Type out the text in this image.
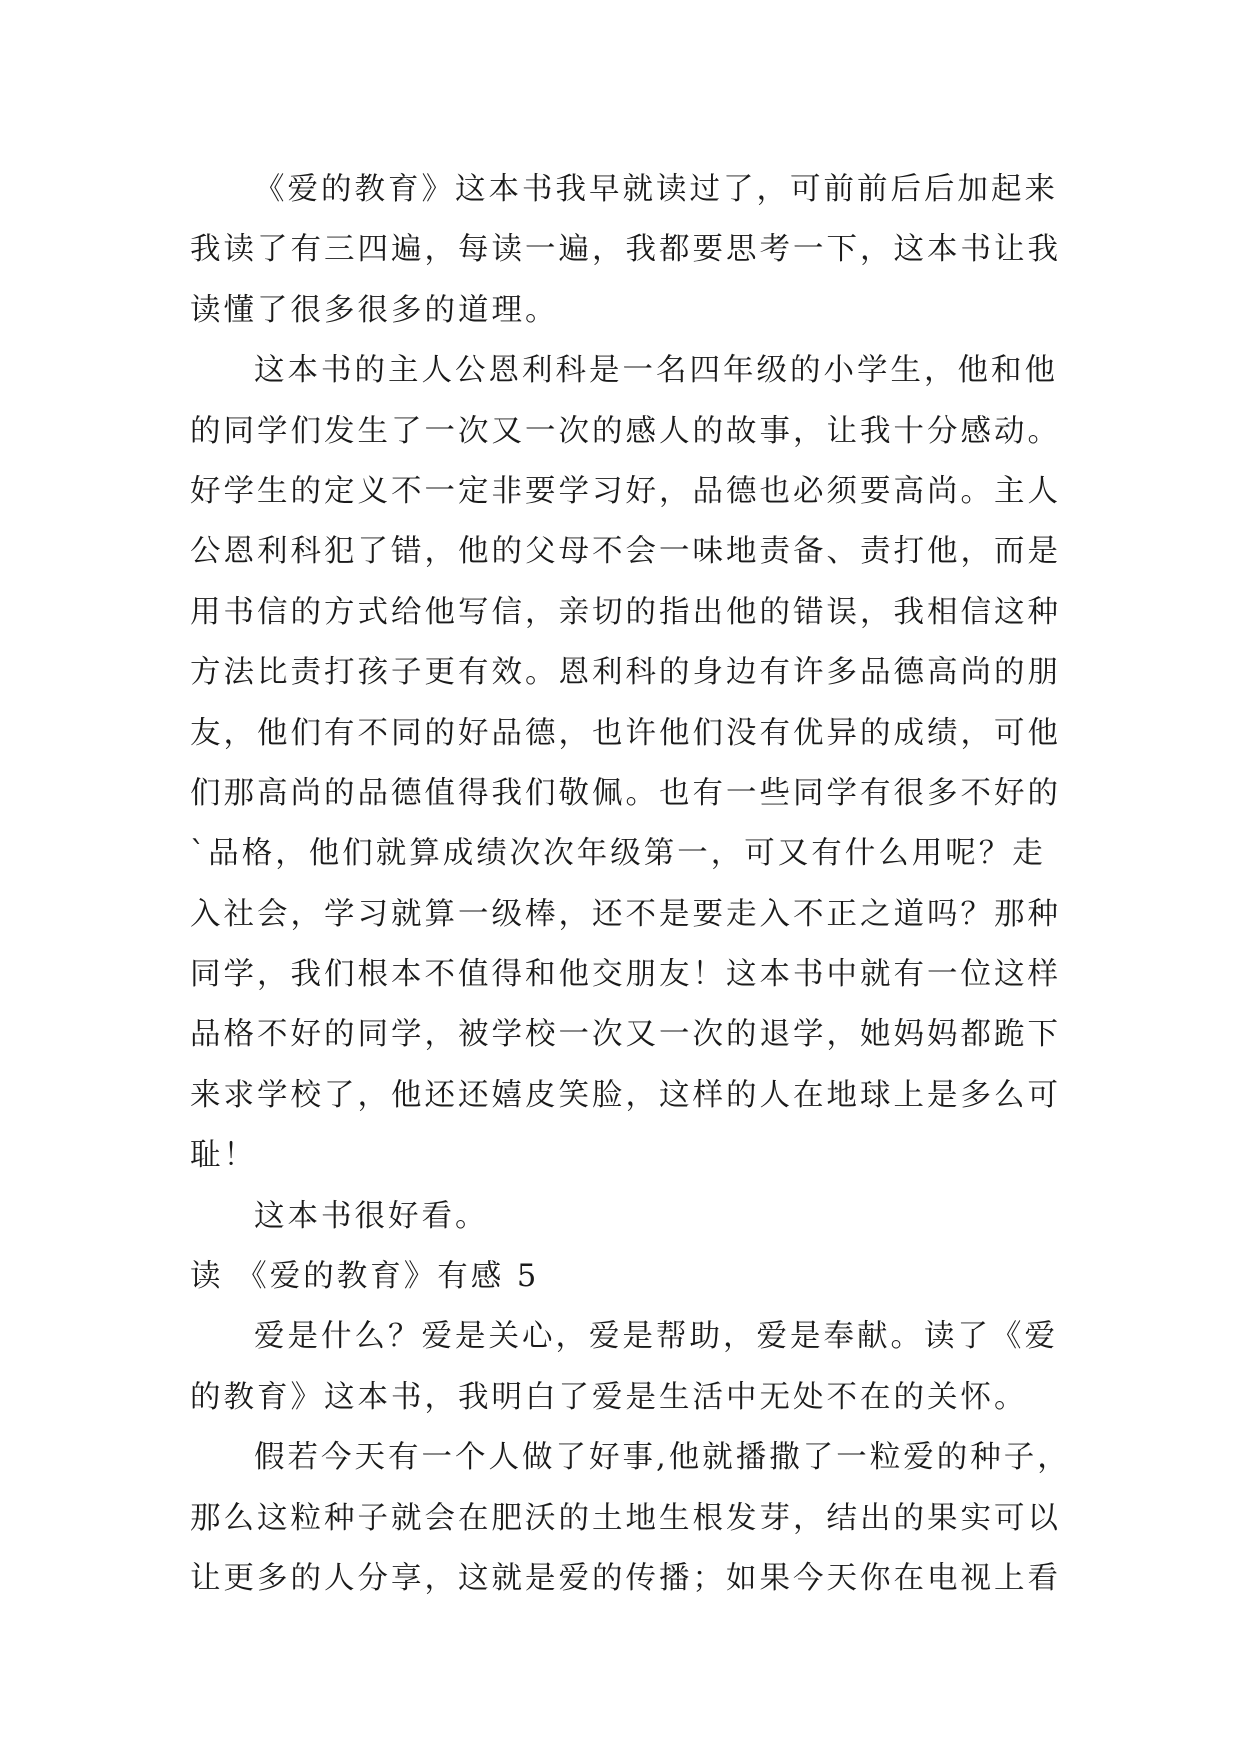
《爱的教育》这本书我早就读过了，可前前后后加起来
我读了有三四遍，每读一遍，我都要思考一下，这本书让我
读懂了很多很多的道理。
这本书的主人公恩利科是一名四年级的小学生，他和他
的同学们发生了一次又一次的感人的故事，让我十分感动。
好学生的定义不一定非要学习好，品德也必须要高尚。主人
公恩利科犯了错，他的父母不会一味地责备、责打他，而是
用书信的方式给他写信，亲切的指出他的错误，我相信这种
方法比责打孩子更有效。恩利科的身边有许多品德高尚的朋
友，他们有不同的好品德，也许他们没有优异的成绩，可他
们那高尚的品德值得我们敬佩。也有一些同学有很多不好的
`品格，他们就算成绩次次年级第一，可又有什么用呢？走
入社会，学习就算一级棒，还不是要走入不正之道吗？那种
同学，我们根本不值得和他交朋友！这本书中就有一位这样
品格不好的同学，被学校一次又一次的退学，她妈妈都跪下
来求学校了，他还还嬉皮笑脸，这样的人在地球上是多么可
耻！
这本书很好看。
读 《爱的教育》有感 5
爱是什么？爱是关心，爱是帮助，爱是奉献。读了《爱
的教育》这本书，我明白了爱是生活中无处不在的关怀。
假若今天有一个人做了好事,他就播撒了一粒爱的种子，
那么这粒种子就会在肥沃的土地生根发芽，结出的果实可以
让更多的人分享，这就是爱的传播；如果今天你在电视上看
